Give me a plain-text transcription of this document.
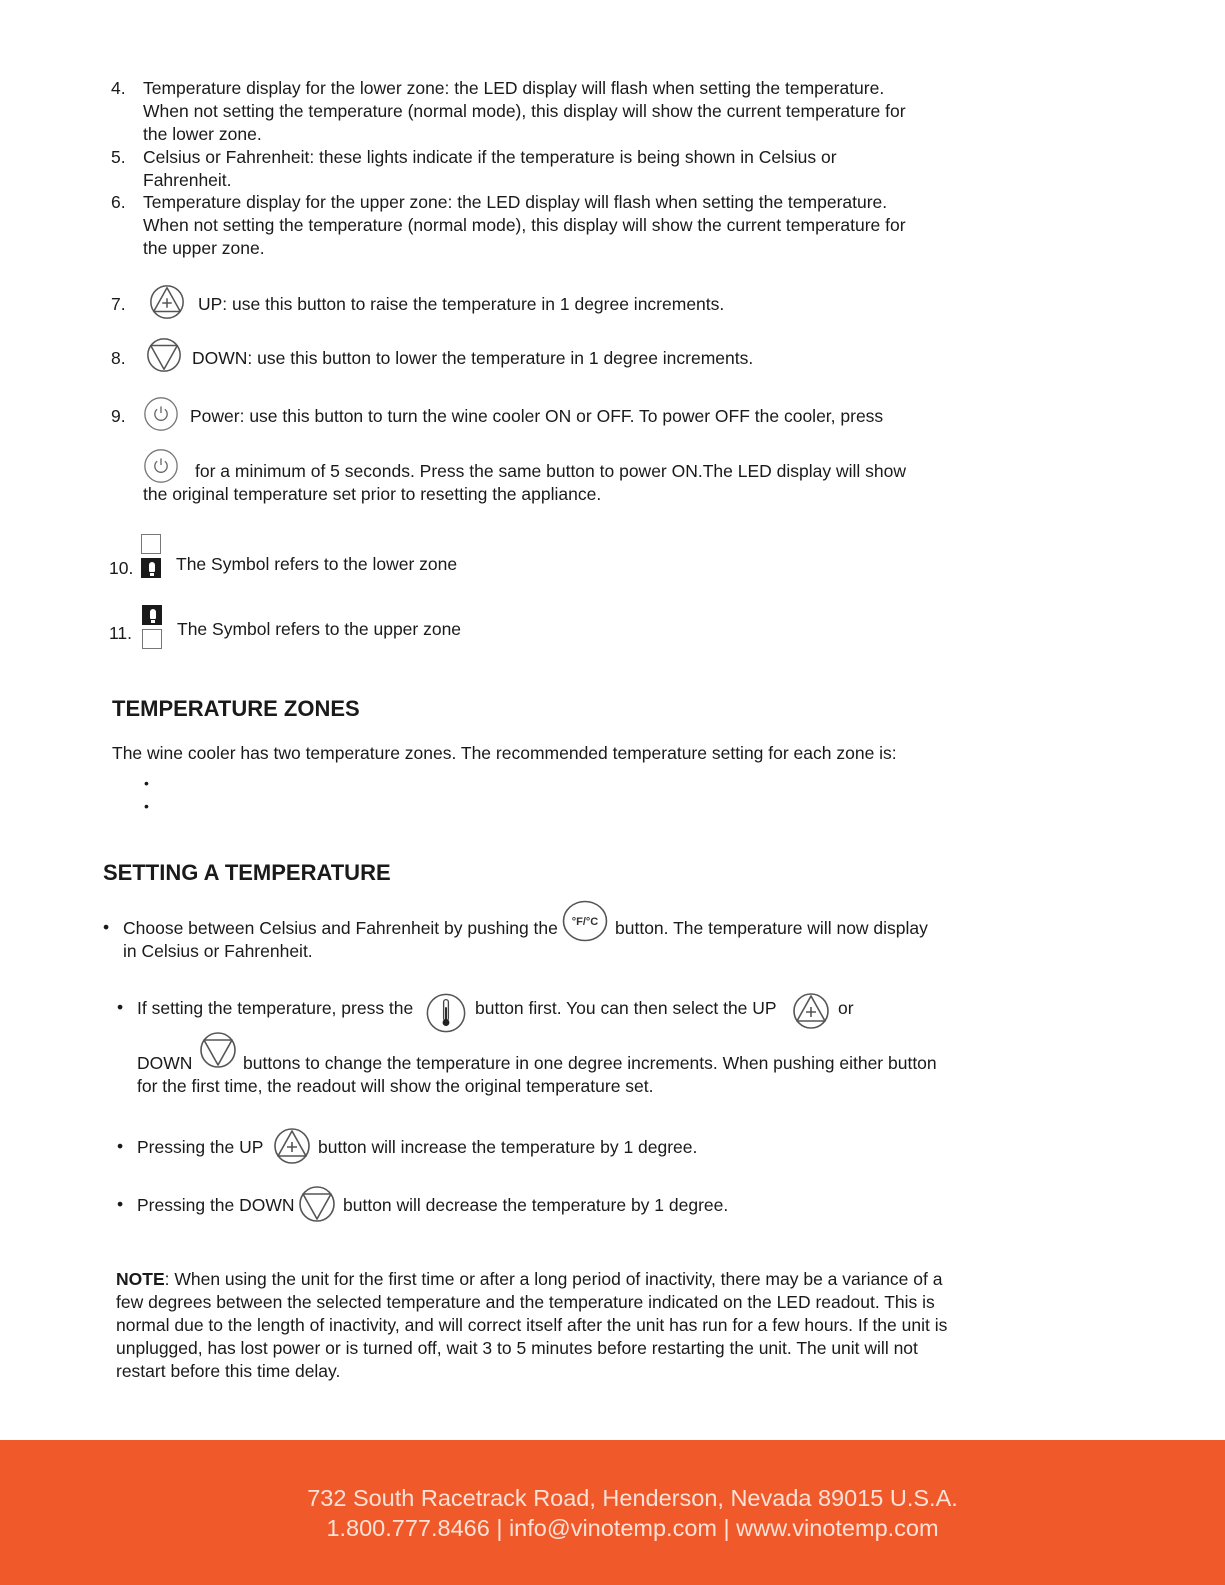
4. Temperature display for the lower zone: the LED display will flash when setting the temperature.
When not setting the temperature (normal mode), this display will show the current temperature for
the lower zone.
5. Celsius or Fahrenheit: these lights indicate if the temperature is being shown in Celsius or
Fahrenheit.
6. Temperature display for the upper zone: the LED display will flash when setting the temperature.
When not setting the temperature (normal mode), this display will show the current temperature for
the upper zone.
7.	UP: use this button to raise the temperature in 1 degree increments.
8.	DOWN: use this button to lower the temperature in 1 degree increments.
9.	Power: use this button to turn the wine cooler ON or OFF. To power OFF the cooler, press
for a minimum of 5 seconds. Press the same button to power ON.The LED display will show
the original temperature set prior to resetting the appliance.
10. The Symbol refers to the lower zone
11.	The Symbol refers to the upper zone
TEMPERATURE ZONES
The wine cooler has two temperature zones. The recommended temperature setting for each zone is:
•
•
SETTING A TEMPERATURE
• Choose between Celsius and Fahrenheit by pushing the °F/°C button. The temperature will now display
in Celsius or Fahrenheit.
• If setting the temperature, press the	button first. You can then select the UP	or
DOWN	buttons to change the temperature in one degree increments. When pushing either button
for the first time, the readout will show the original temperature set.
• Pressing the UP	button will increase the temperature by 1 degree.
• Pressing the DOWN	button will decrease the temperature by 1 degree.
NOTE: When using the unit for the first time or after a long period of inactivity, there may be a variance of a
few degrees between the selected temperature and the temperature indicated on the LED readout. This is
normal due to the length of inactivity, and will correct itself after the unit has run for a few hours. If the unit is
unplugged, has lost power or is turned off, wait 3 to 5 minutes before restarting the unit. The unit will not
restart before this time delay.
732 South Racetrack Road, Henderson, Nevada 89015 U.S.A.
1.800.777.8466 | info@vinotemp.com | www.vinotemp.com
